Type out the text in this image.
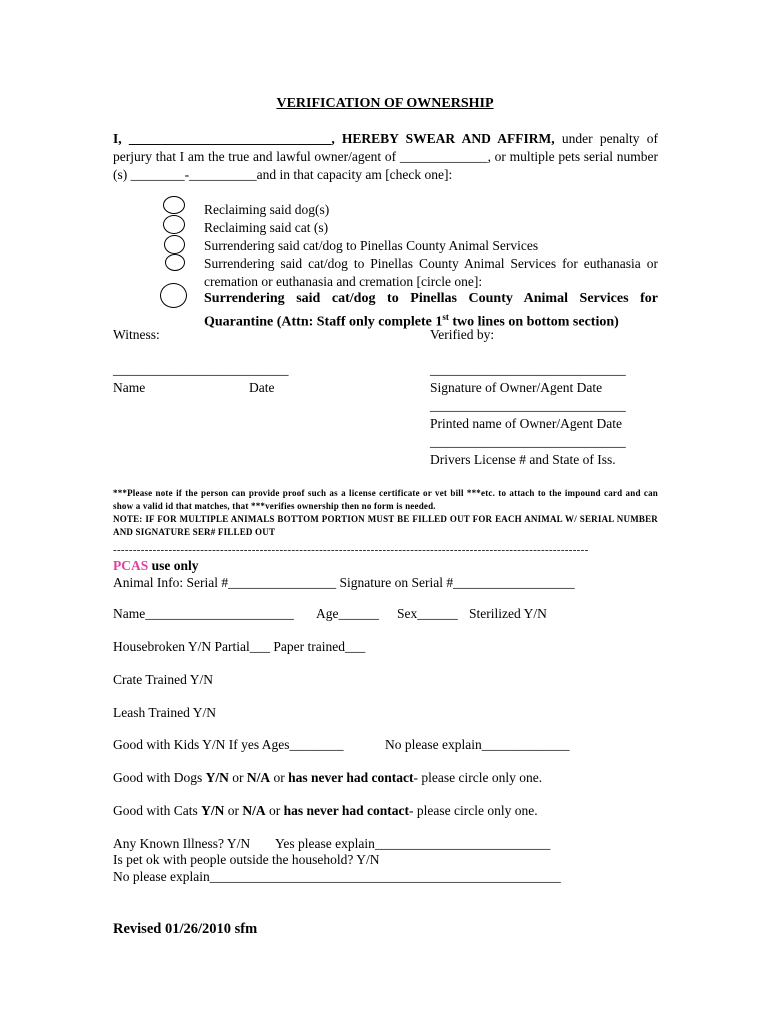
VERIFICATION OF OWNERSHIP
I, ______________________________, HEREBY SWEAR AND AFFIRM, under penalty of perjury that I am the true and lawful owner/agent of _____________, or multiple pets serial number (s) ________-__________and in that capacity am [check one]:
Reclaiming said dog(s)
Reclaiming said cat (s)
Surrendering said cat/dog to Pinellas County Animal Services
Surrendering said cat/dog to Pinellas County Animal Services for euthanasia or cremation or euthanasia and cremation [circle one]:
Surrendering said cat/dog to Pinellas County Animal Services for Quarantine (Attn: Staff only complete 1st two lines on bottom section)
Witness:	Verified by:
__________________________
Name	Date
_____________________________
Signature of Owner/Agent Date
_____________________________
Printed name of Owner/Agent Date
_____________________________
Drivers License # and State of Iss.
***Please note if the person can provide proof such as a license certificate or vet bill ***etc. to attach to the impound card and can show a valid id that matches, that ***verifies ownership then no form is needed.
NOTE: IF FOR MULTIPLE ANIMALS BOTTOM PORTION MUST BE FILLED OUT FOR EACH ANIMAL W/ SERIAL NUMBER AND SIGNATURE SER# FILLED OUT
------------------------------------------------------------------------------------------------------------------------
PCAS use only
Animal Info: Serial #________________ Signature on Serial #__________________
Name______________________ Age______ Sex______ Sterilized Y/N
Housebroken Y/N Partial___ Paper trained___
Crate Trained Y/N
Leash Trained Y/N
Good with Kids Y/N If yes Ages________	No please explain_____________
Good with Dogs Y/N or N/A or has never had contact- please circle only one.
Good with Cats Y/N or N/A or has never had contact- please circle only one.
Any Known Illness? Y/N Yes please explain__________________________
Is pet ok with people outside the household? Y/N
No please explain____________________________________________________
Revised 01/26/2010 sfm
